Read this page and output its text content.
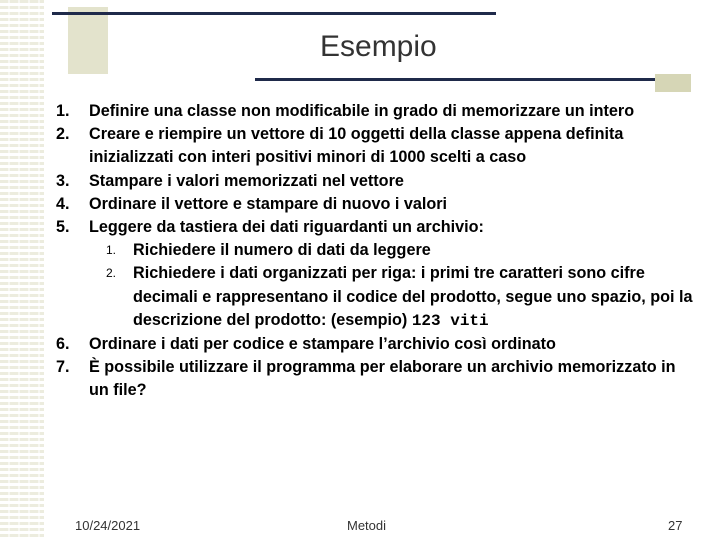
Esempio
1.	Definire una classe non modificabile in grado di memorizzare un intero
2.	Creare e riempire un vettore di 10 oggetti della classe appena definita inizializzati con interi positivi minori di 1000 scelti a caso
3.	Stampare i valori memorizzati nel vettore
4.	Ordinare il vettore e stampare di nuovo i valori
5.	Leggere da tastiera dei dati riguardanti un archivio:
1. Richiedere il numero di dati da leggere
2. Richiedere i dati organizzati per riga: i primi tre caratteri sono cifre decimali e rappresentano il codice del prodotto, segue uno spazio, poi la descrizione del prodotto: (esempio) 123 viti
6.	Ordinare i dati per codice e stampare l’archivio così ordinato
7.	È possibile utilizzare il programma per elaborare un archivio memorizzato in un file?
10/24/2021	Metodi	27
